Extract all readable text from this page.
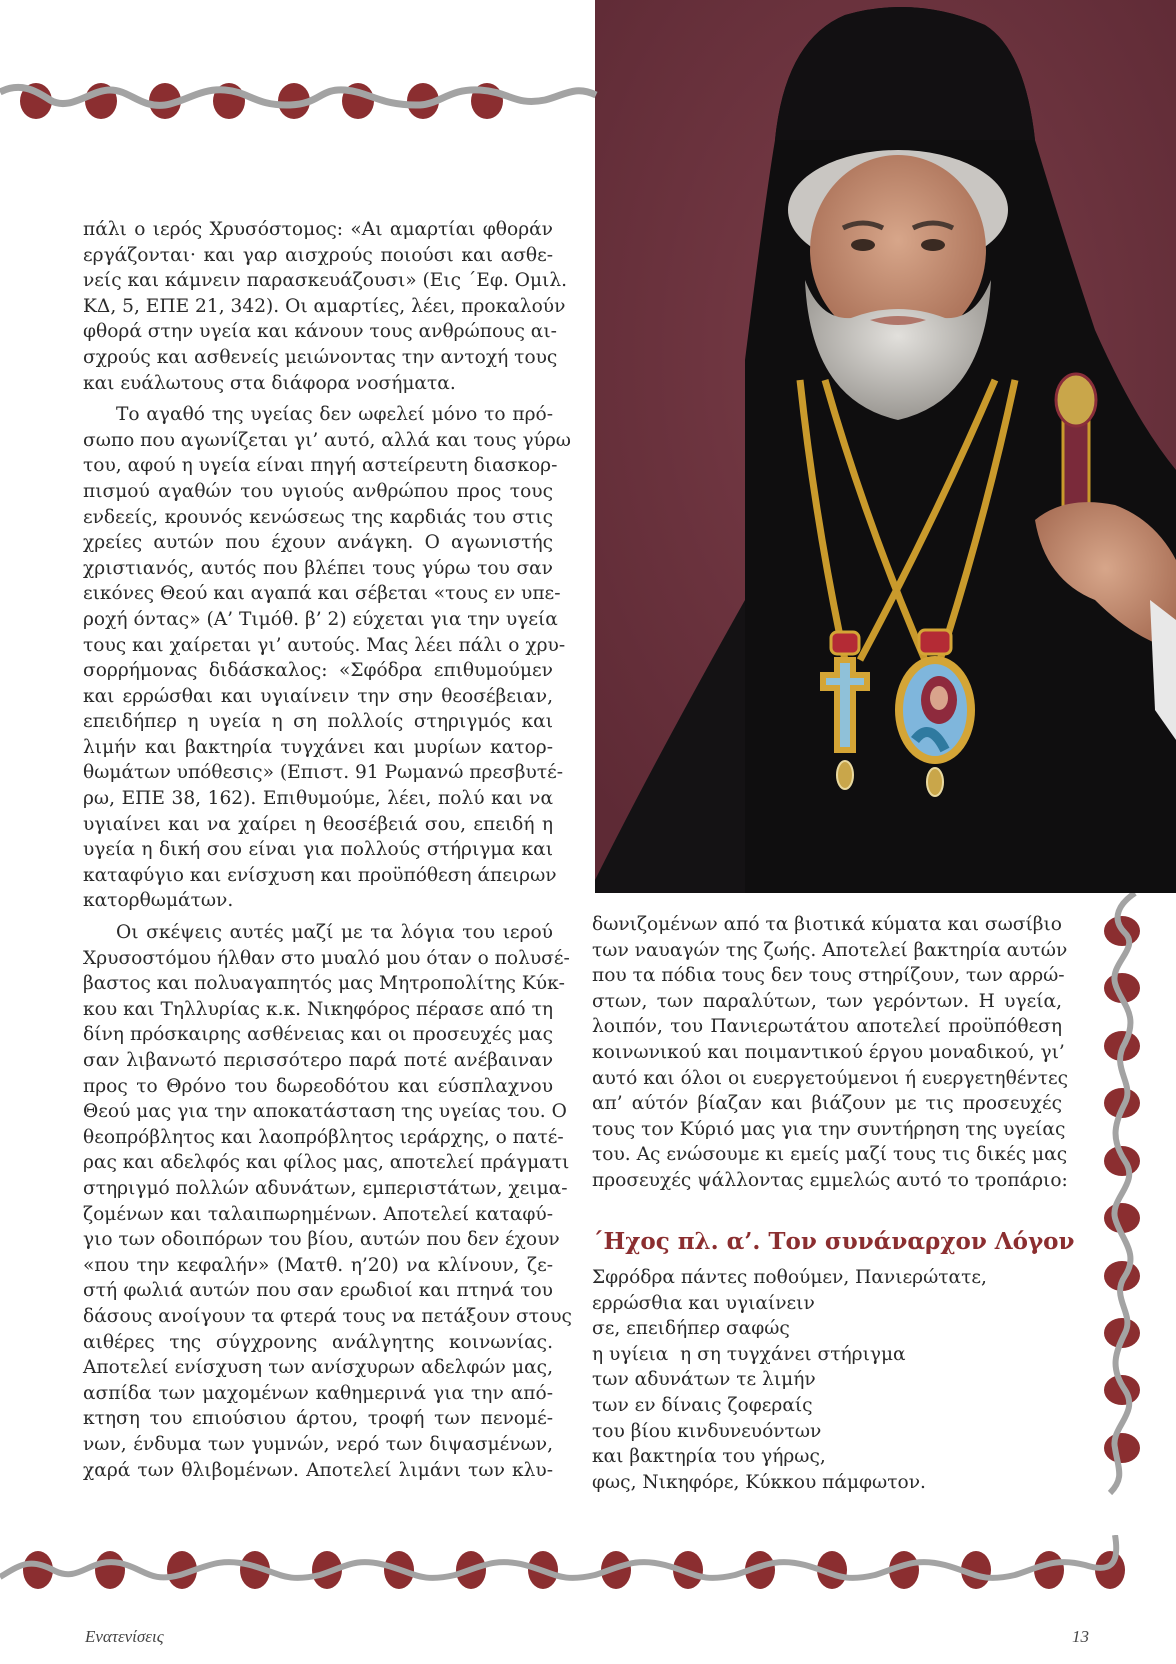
πάλι ο ιερός Χρυσόστομος: «Αι αμαρτίαι φθοράν
εργάζονται· και γαρ αισχρούς ποιούσι και ασθε-
νείς και κάμνειν παρασκευάζουσι» (Εις ΄Εφ. Ομιλ.
ΚΔ, 5, ΕΠΕ 21, 342). Οι αμαρτίες, λέει, προκαλούν
φθορά στην υγεία και κάνουν τους ανθρώπους αι-
σχρούς και ασθενείς μειώνοντας την αντοχή τους
και ευάλωτους στα διάφορα νοσήματα.

Το αγαθό της υγείας δεν ωφελεί μόνο το πρό-
σωπο που αγωνίζεται γι’ αυτό, αλλά και τους γύρω
του, αφού η υγεία είναι πηγή αστείρευτη διασκορ-
πισμού αγαθών του υγιούς ανθρώπου προς τους
ενδεείς, κρουνός κενώσεως της καρδιάς του στις
χρείες αυτών που έχουν ανάγκη. Ο αγωνιστής
χριστιανός, αυτός που βλέπει τους γύρω του σαν
εικόνες Θεού και αγαπά και σέβεται «τους εν υπε-
ροχή όντας» (Α’ Τιμόθ. β’ 2) εύχεται για την υγεία
τους και χαίρεται γι’ αυτούς. Μας λέει πάλι ο χρυ-
σορρήμονας διδάσκαλος: «Σφόδρα επιθυμούμεν
και ερρώσθαι και υγιαίνειν την σην θεοσέβειαν,
επειδήπερ η υγεία η ση πολλοίς στηριγμός και
λιμήν και βακτηρία τυγχάνει και μυρίων κατορ-
θωμάτων υπόθεσις» (Επιστ. 91 Ρωμανώ πρεσβυτέ-
ρω, ΕΠΕ 38, 162). Επιθυμούμε, λέει, πολύ και να
υγιαίνει και να χαίρει η θεοσέβειά σου, επειδή η
υγεία η δική σου είναι για πολλούς στήριγμα και
καταφύγιο και ενίσχυση και προϋπόθεση άπειρων
κατορθωμάτων.

Οι σκέψεις αυτές μαζί με τα λόγια του ιερού
Χρυσοστόμου ήλθαν στο μυαλό μου όταν ο πολυσέ-
βαστος και πολυαγαπητός μας Μητροπολίτης Κύκ-
κου και Τηλλυρίας κ.κ. Νικηφόρος πέρασε από τη
δίνη πρόσκαιρης ασθένειας και οι προσευχές μας
σαν λιβανωτό περισσότερο παρά ποτέ ανέβαιναν
προς το Θρόνο του δωρεοδότου και εύσπλαχνου
Θεού μας για την αποκατάσταση της υγείας του. Ο
θεοπρόβλητος και λαοπρόβλητος ιεράρχης, ο πατέ-
ρας και αδελφός και φίλος μας, αποτελεί πράγματι
στηριγμό πολλών αδυνάτων, εμπεριστάτων, χειμα-
ζομένων και ταλαιπωρημένων. Αποτελεί καταφύ-
γιο των οδοιπόρων του βίου, αυτών που δεν έχουν
«που την κεφαλήν» (Ματθ. η’20) να κλίνουν, ζε-
στή φωλιά αυτών που σαν ερωδιοί και πτηνά του
δάσους ανοίγουν τα φτερά τους να πετάξουν στους
αιθέρες της σύγχρονης ανάλγητης κοινωνίας.
Αποτελεί ενίσχυση των ανίσχυρων αδελφών μας,
ασπίδα των μαχομένων καθημερινά για την από-
κτηση του επιούσιου άρτου, τροφή των πενομέ-
νων, ένδυμα των γυμνών, νερό των διψασμένων,
χαρά των θλιβομένων. Αποτελεί λιμάνι των κλυ-

δωνιζομένων από τα βιοτικά κύματα και σωσίβιο
των ναυαγών της ζωής. Αποτελεί βακτηρία αυτών
που τα πόδια τους δεν τους στηρίζουν, των αρρώ-
στων, των παραλύτων, των γερόντων. Η υγεία,
λοιπόν, του Πανιερωτάτου αποτελεί προϋπόθεση
κοινωνικού και ποιμαντικού έργου μοναδικού, γι’
αυτό και όλοι οι ευεργετούμενοι ή ευεργετηθέντες
απ’ αύτόν βίαζαν και βιάζουν με τις προσευχές
τους τον Κύριό μας για την συντήρηση της υγείας
του. Ας ενώσουμε κι εμείς μαζί τους τις δικές μας
προσευχές ψάλλοντας εμμελώς αυτό το τροπάριο:

΄Ηχος πλ. α’. Τον συνάναρχον Λόγον
Σφρόδρα πάντες ποθούμεν, Πανιερώτατε,
ερρώσθια και υγιαίνειν
σε, επειδήπερ σαφώς
η υγίεια  η ση τυγχάνει στήριγμα
των αδυνάτων τε λιμήν
των εν δίναις ζοφεραίς
του βίου κινδυνευόντων
και βακτηρία του γήρως,
φως, Νικηφόρε, Κύκκου πάμφωτον.
Ενατενίσεις	13
